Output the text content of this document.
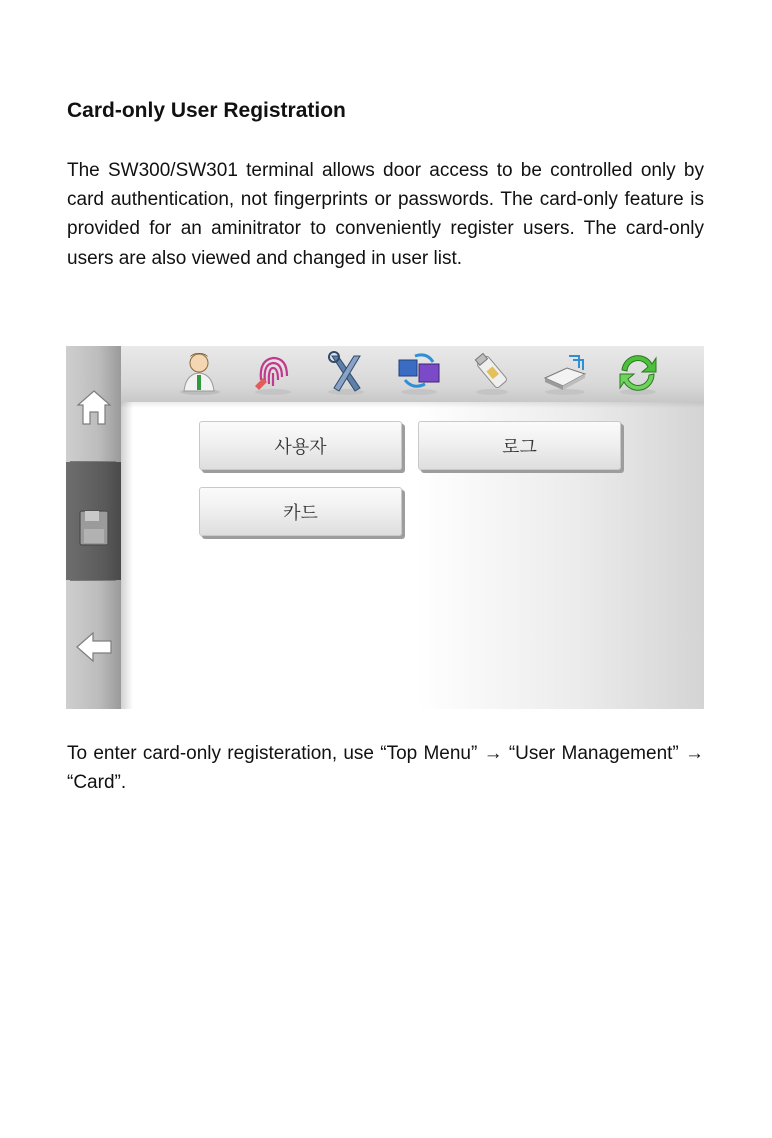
Card-only User Registration

The SW300/SW301 terminal allows door access to be controlled only by card authentication, not fingerprints or passwords. The card-only feature is provided for an aminitrator to conveniently register users. The card-only users are also viewed and changed in user list.

사용자	로그
카드

To enter card-only registeration, use “Top Menu” → “User Management” → “Card”.
